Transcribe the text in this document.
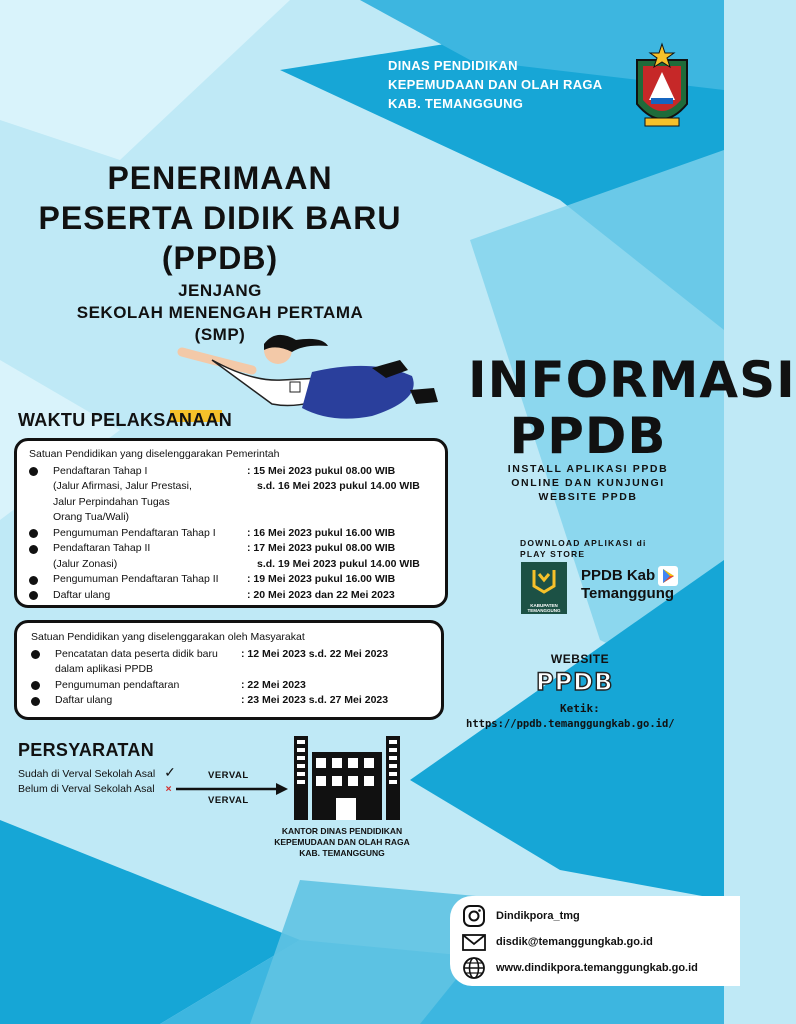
DINAS PENDIDIKAN
KEPEMUDAAN DAN OLAH RAGA
KAB. TEMANGGUNG
PENERIMAAN
PESERTA DIDIK BARU
(PPDB)
JENJANG
SEKOLAH MENENGAH PERTAMA
(SMP)
WAKTU PELAKSANAAN
Satuan Pendidikan yang diselenggarakan Pemerintah
Pendaftaran Tahap I	: 15 Mei 2023 pukul 08.00 WIB
(Jalur Afirmasi, Jalur Prestasi,	s.d. 16 Mei 2023 pukul 14.00 WIB
Jalur Perpindahan Tugas
Orang Tua/Wali)
Pengumuman Pendaftaran Tahap I	: 16 Mei 2023 pukul 16.00 WIB
Pendaftaran Tahap II	: 17 Mei 2023 pukul 08.00 WIB
(Jalur Zonasi)	s.d. 19 Mei 2023 pukul 14.00 WIB
Pengumuman Pendaftaran Tahap II	: 19 Mei 2023 pukul 16.00 WIB
Daftar ulang	: 20 Mei 2023 dan 22 Mei 2023
Satuan Pendidikan yang diselenggarakan oleh Masyarakat
Pencatatan data peserta didik baru : 12 Mei 2023 s.d. 22 Mei 2023
dalam aplikasi PPDB
Pengumuman pendaftaran	: 22 Mei 2023
Daftar ulang	: 23 Mei 2023 s.d. 27 Mei 2023
INFORMASI
PPDB
INSTALL APLIKASI PPDB
ONLINE DAN KUNJUNGI
WEBSITE PPDB
DOWNLOAD APLIKASI di
PLAY STORE
KABUPATEN TEMANGGUNG
PPDB Kab
Temanggung
WEBSITE
PPDB
Ketik:
https://ppdb.temanggungkab.go.id/
PERSYARATAN
Sudah di Verval Sekolah Asal ✓
Belum di Verval Sekolah Asal ×
VERVAL
VERVAL
KANTOR DINAS PENDIDIKAN
KEPEMUDAAN DAN OLAH RAGA
KAB. TEMANGGUNG
Dindikpora_tmg
disdik@temanggungkab.go.id
www.dindikpora.temanggungkab.go.id
